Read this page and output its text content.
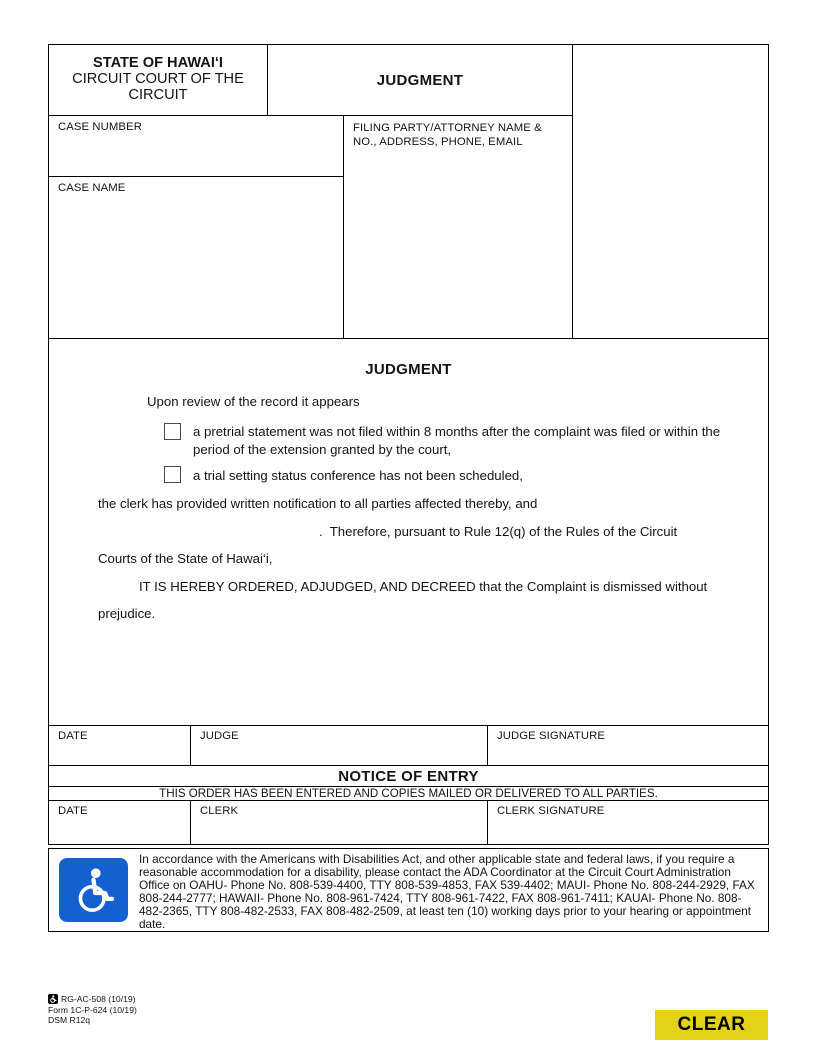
STATE OF HAWAI‘I
CIRCUIT COURT OF THE
CIRCUIT
JUDGMENT
CASE NUMBER	FILING PARTY/ATTORNEY NAME & NO., ADDRESS, PHONE, EMAIL
CASE NAME
JUDGMENT
Upon review of the record it appears
a pretrial statement was not filed within 8 months after the complaint was filed or within the period of the extension granted by the court,
a trial setting status conference has not been scheduled,
the clerk has provided written notification to all parties affected thereby, and
.  Therefore, pursuant to Rule 12(q) of the Rules of the Circuit
Courts of the State of Hawai‘i,
IT IS HEREBY ORDERED, ADJUDGED, AND DECREED that the Complaint is dismissed without
prejudice.
DATE	JUDGE	JUDGE SIGNATURE
NOTICE OF ENTRY
THIS ORDER HAS BEEN ENTERED AND COPIES MAILED OR DELIVERED TO ALL PARTIES.
DATE	CLERK	CLERK SIGNATURE
In accordance with the Americans with Disabilities Act, and other applicable state and federal laws, if you require a reasonable accommodation for a disability, please contact the ADA Coordinator at the Circuit Court Administration Office on OAHU- Phone No. 808-539-4400, TTY 808-539-4853, FAX 539-4402; MAUI- Phone No. 808-244-2929, FAX 808-244-2777; HAWAII- Phone No. 808-961-7424, TTY 808-961-7422, FAX 808-961-7411; KAUAI- Phone No. 808-482-2365, TTY 808-482-2533, FAX 808-482-2509, at least ten (10) working days prior to your hearing or appointment date.
RG-AC-508 (10/19)
Form 1C-P-624 (10/19)
DSM R12q	CLEAR
